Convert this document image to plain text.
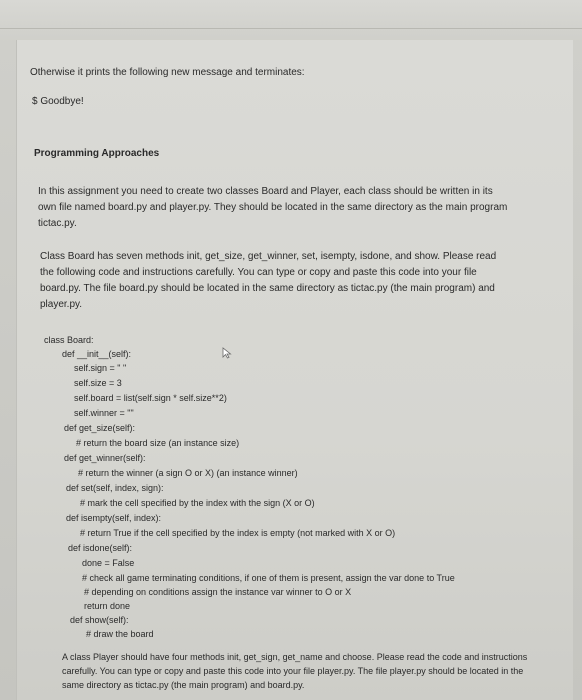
Otherwise it prints the following new message and terminates:
$ Goodbye!
Programming Approaches
In this assignment you need to create two classes Board and Player, each class should be written in its own file named board.py and player.py. They should be located in the same directory as the main program tictac.py.
Class Board has seven methods init, get_size, get_winner, set, isempty, isdone, and show. Please read the following code and instructions carefully. You can type or copy and paste this code into your file board.py. The file board.py should be located in the same directory as tictac.py (the main program) and player.py.
class Board:
def __init__(self):
self.sign = " "
self.size = 3
self.board = list(self.sign * self.size**2)
self.winner = ""
def get_size(self):
# return the board size (an instance size)
def get_winner(self):
# return the winner (a sign O or X) (an instance winner)
def set(self, index, sign):
# mark the cell specified by the index with the sign (X or O)
def isempty(self, index):
# return True if the cell specified by the index is empty (not marked with X or O)
def isdone(self):
done = False
# check all game terminating conditions, if one of them is present, assign the var done to True
# depending on conditions assign the instance var winner to O or X
return done
def show(self):
# draw the board
A class Player should have four methods init, get_sign, get_name and choose. Please read the code and instructions carefully. You can type or copy and paste this code into your file player.py. The file player.py should be located in the same directory as tictac.py (the main program) and board.py.
